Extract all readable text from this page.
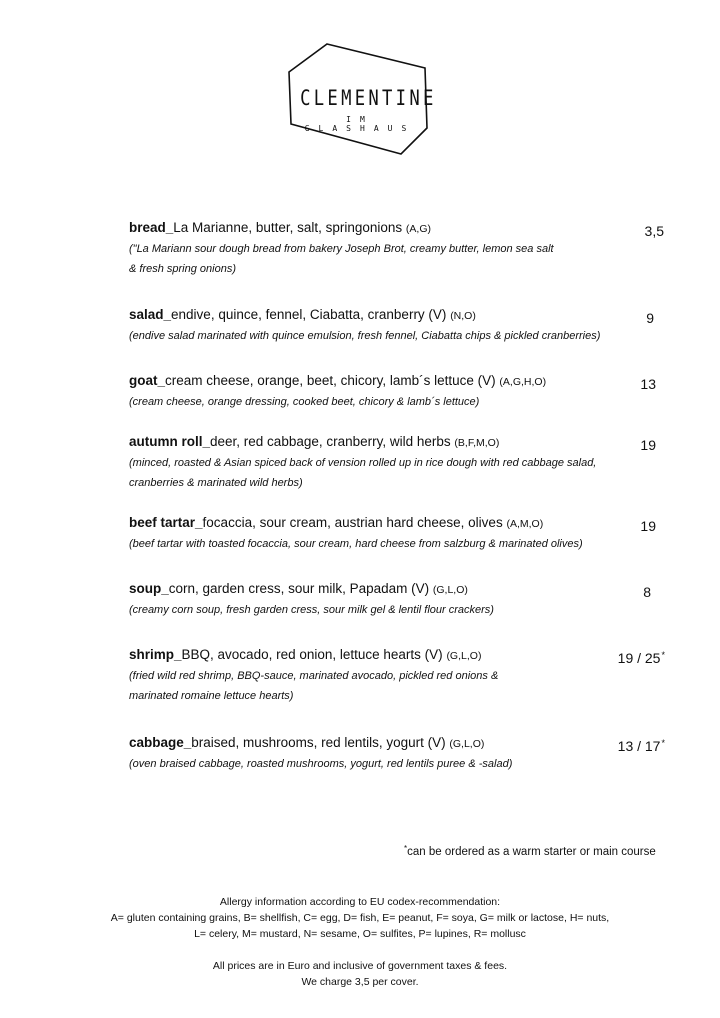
CLEMENTINE
IM GLASHAUS
bread_La Marianne, butter, salt, springonions (A,G)	3,5
("La Mariann sour dough bread from bakery Joseph Brot, creamy butter, lemon sea salt
& fresh spring onions)
salad_endive, quince, fennel, Ciabatta, cranberry (V) (N,O)	9
(endive salad marinated with quince emulsion, fresh fennel, Ciabatta chips & pickled cranberries)
goat_cream cheese, orange, beet, chicory, lamb´s lettuce (V) (A,G,H,O)	13
(cream cheese, orange dressing, cooked beet, chicory & lamb´s lettuce)
autumn roll_deer, red cabbage, cranberry, wild herbs (B,F,M,O)	19
(minced, roasted & Asian spiced back of vension rolled up in rice dough with red cabbage salad,
cranberries & marinated wild herbs)
beef tartar_focaccia, sour cream, austrian hard cheese, olives (A,M,O)	19
(beef tartar with toasted focaccia, sour cream, hard cheese from salzburg & marinated olives)
soup_corn, garden cress, sour milk, Papadam (V) (G,L,O)	8
(creamy corn soup, fresh garden cress, sour milk gel & lentil flour crackers)
shrimp_BBQ, avocado, red onion, lettuce hearts (V) (G,L,O)	19 / 25*
(fried wild red shrimp, BBQ-sauce, marinated avocado, pickled red onions &
marinated romaine lettuce hearts)
cabbage_braised, mushrooms, red lentils, yogurt (V) (G,L,O)	13 / 17*
(oven braised cabbage, roasted mushrooms, yogurt, red lentils puree & -salad)
*can be ordered as a warm starter or main course
Allergy information according to EU codex-recommendation:
A= gluten containing grains, B= shellfish, C= egg, D= fish, E= peanut, F= soya, G= milk or lactose, H= nuts,
L= celery, M= mustard, N= sesame, O= sulfites, P= lupines, R= mollusc
All prices are in Euro and inclusive of government taxes & fees.
We charge 3,5 per cover.
